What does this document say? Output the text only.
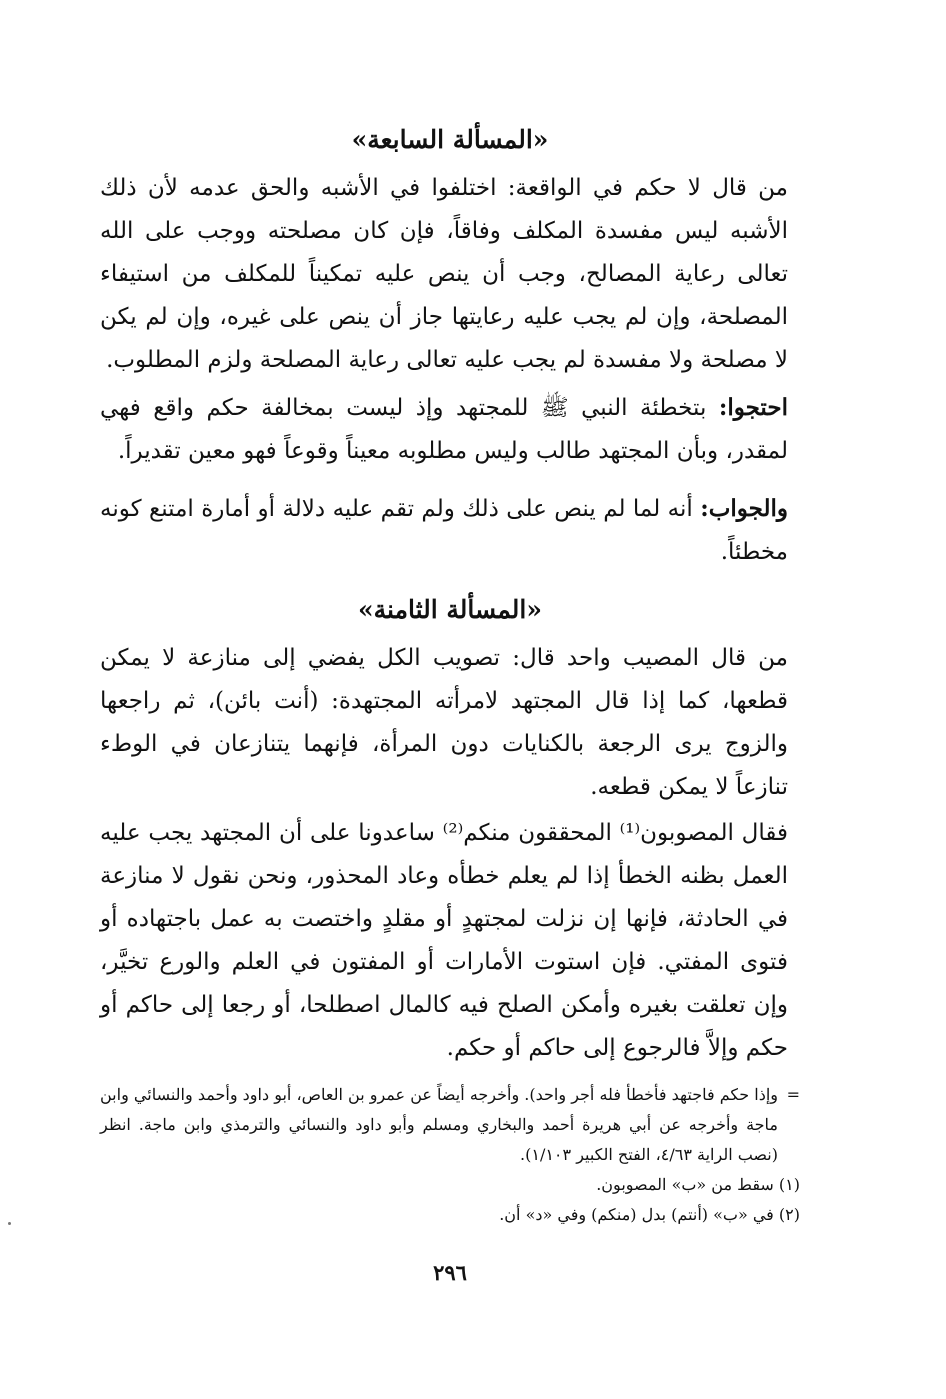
«المسألة السابعة»

من قال لا حكم في الواقعة: اختلفوا في الأشبه والحق عدمه لأن ذلك الأشبه ليس مفسدة المكلف وفاقاً، فإن كان مصلحته ووجب على الله تعالى رعاية المصالح، وجب أن ينص عليه تمكيناً للمكلف من استيفاء المصلحة، وإن لم يجب عليه رعايتها جاز أن ينص على غيره، وإن لم يكن لا مصلحة ولا مفسدة لم يجب عليه تعالى رعاية المصلحة ولزم المطلوب.

احتجوا: بتخطئة النبي ﷺ للمجتهد وإذ ليست بمخالفة حكم واقع فهي لمقدر، وبأن المجتهد طالب وليس مطلوبه معيناً وقوعاً فهو معين تقديراً.

والجواب: أنه لما لم ينص على ذلك ولم تقم عليه دلالة أو أمارة امتنع كونه مخطئاً.

«المسألة الثامنة»

من قال المصيب واحد قال: تصويب الكل يفضي إلى منازعة لا يمكن قطعها، كما إذا قال المجتهد لامرأته المجتهدة: (أنت بائن)، ثم راجعها والزوج يرى الرجعة بالكنايات دون المرأة، فإنهما يتنازعان في الوطء تنازعاً لا يمكن قطعه.

فقال المصوبون⁽¹⁾ المحققون منكم⁽²⁾ ساعدونا على أن المجتهد يجب عليه العمل بظنه الخطأ إذا لم يعلم خطأه وعاد المحذور، ونحن نقول لا منازعة في الحادثة، فإنها إن نزلت لمجتهدٍ أو مقلدٍ واختصت به عمل باجتهاده أو فتوى المفتي. فإن استوت الأمارات أو المفتون في العلم والورع تخيَّر، وإن تعلقت بغيره وأمكن الصلح فيه كالمال اصطلحا، أو رجعا إلى حاكم أو حكم وإلاَّ فالرجوع إلى حاكم أو حكم.

=وإذا حكم فاجتهد فأخطأ فله أجر واحد). وأخرجه أيضاً عن عمرو بن العاص، أبو داود وأحمد والنسائي وابن ماجة وأخرجه عن أبي هريرة أحمد والبخاري ومسلم وأبو داود والنسائي والترمذي وابن ماجة. انظر (نصب الراية ٤/٦٣، الفتح الكبير ١/١٠٣).

(١) سقط من «ب» المصوبون.

(٢) في «ب» (أنتم) بدل (منكم) وفي «د» أن.

٢٩٦
